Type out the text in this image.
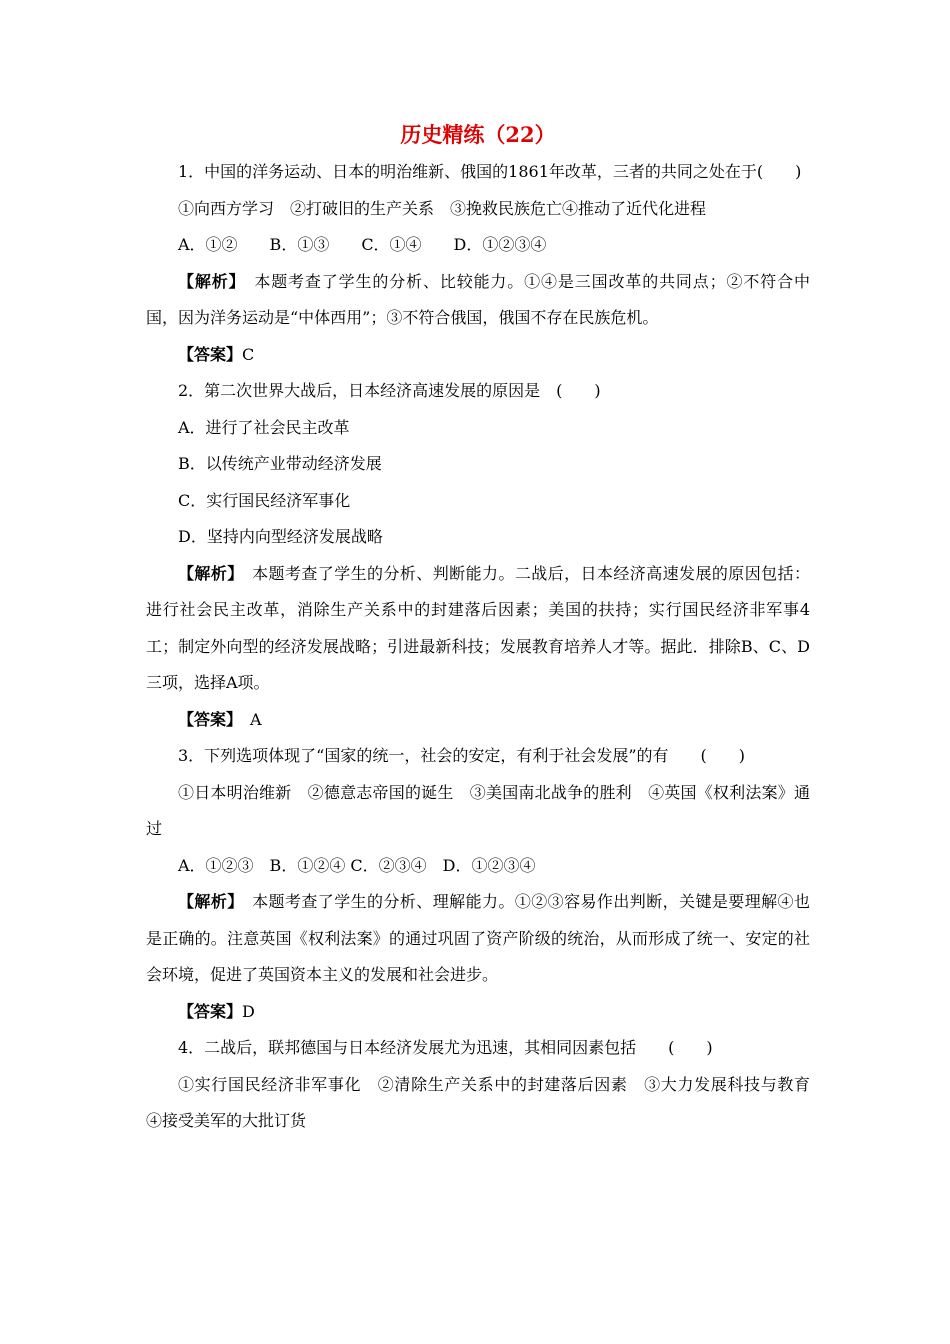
历史精练（22）

1．中国的洋务运动、日本的明治维新、俄国的1861年改革，三者的共同之处在于(　　)

①向西方学习　②打破旧的生产关系　③挽救民族危亡④推动了近代化进程

A．①②　　B．①③　　C．①④　　D．①②③④

【解析】　本题考查了学生的分析、比较能力。①④是三国改革的共同点；②不符合中国，因为洋务运动是“中体西用”；③不符合俄国，俄国不存在民族危机。

【答案】C

2．第二次世界大战后，日本经济高速发展的原因是　(　　)

A．进行了社会民主改革

B．以传统产业带动经济发展

C．实行国民经济军事化

D．坚持内向型经济发展战略

【解析】　本题考查了学生的分析、判断能力。二战后，日本经济高速发展的原因包括：进行社会民主改革，消除生产关系中的封建落后因素；美国的扶持；实行国民经济非军事4工；制定外向型的经济发展战略；引进最新科技；发展教育培养人才等。据此．排除B、C、D三项，选择A项。

【答案】　A

3．下列选项体现了“国家的统一，社会的安定，有利于社会发展”的有　　(　　)

①日本明治维新　②德意志帝国的诞生　③美国南北战争的胜利　④英国《权利法案》通过

A．①②③　B．①②④ C．②③④　D．①②③④

【解析】　本题考查了学生的分析、理解能力。①②③容易作出判断，关键是要理解④也是正确的。注意英国《权利法案》的通过巩固了资产阶级的统治，从而形成了统一、安定的社会环境，促进了英国资本主义的发展和社会进步。

【答案】D

4．二战后，联邦德国与日本经济发展尤为迅速，其相同因素包括　　(　　)

①实行国民经济非军事化　②清除生产关系中的封建落后因素　③大力发展科技与教育　④接受美军的大批订货
